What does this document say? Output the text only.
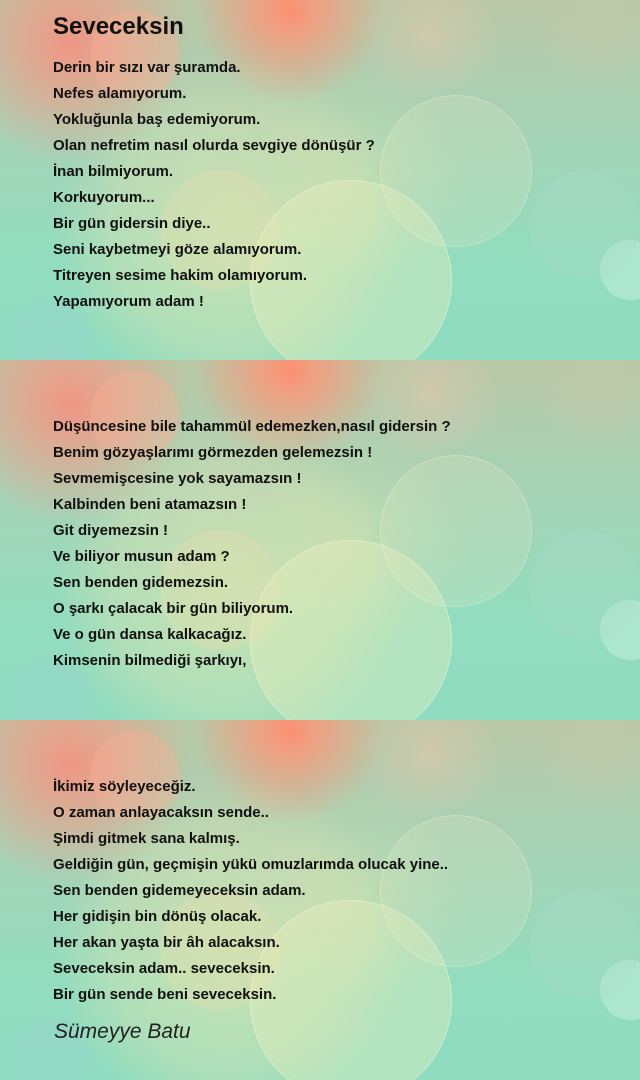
Seveceksin
Derin bir sızı var şuramda.
Nefes alamıyorum.
Yokluğunla baş edemiyorum.
Olan nefretim nasıl olurda sevgiye dönüşür ?
İnan bilmiyorum.
Korkuyorum...
Bir gün gidersin diye..
Seni kaybetmeyi göze alamıyorum.
Titreyen sesime hakim olamıyorum.
Yapamıyorum adam !
Düşüncesine bile tahammül edemezken,nasıl gidersin ?
Benim gözyaşlarımı görmezden gelemezsin !
Sevmemişcesine yok sayamazsın !
Kalbinden beni atamazsın !
Git diyemezsin !
Ve biliyor musun adam ?
Sen benden gidemezsin.
O şarkı çalacak bir gün biliyorum.
Ve o gün dansa kalkacağız.
Kimsenin bilmediği şarkıyı,
İkimiz söyleyeceğiz.
O zaman anlayacaksın sende..
Şimdi gitmek sana kalmış.
Geldiğin gün, geçmişin yükü omuzlarımda olucak yine..
Sen benden gidemeyeceksin adam.
Her gidişin bin dönüş olacak.
Her akan yaşta bir âh alacaksın.
Seveceksin adam.. seveceksin.
Bir gün sende beni seveceksin.
Sümeyye Batu
